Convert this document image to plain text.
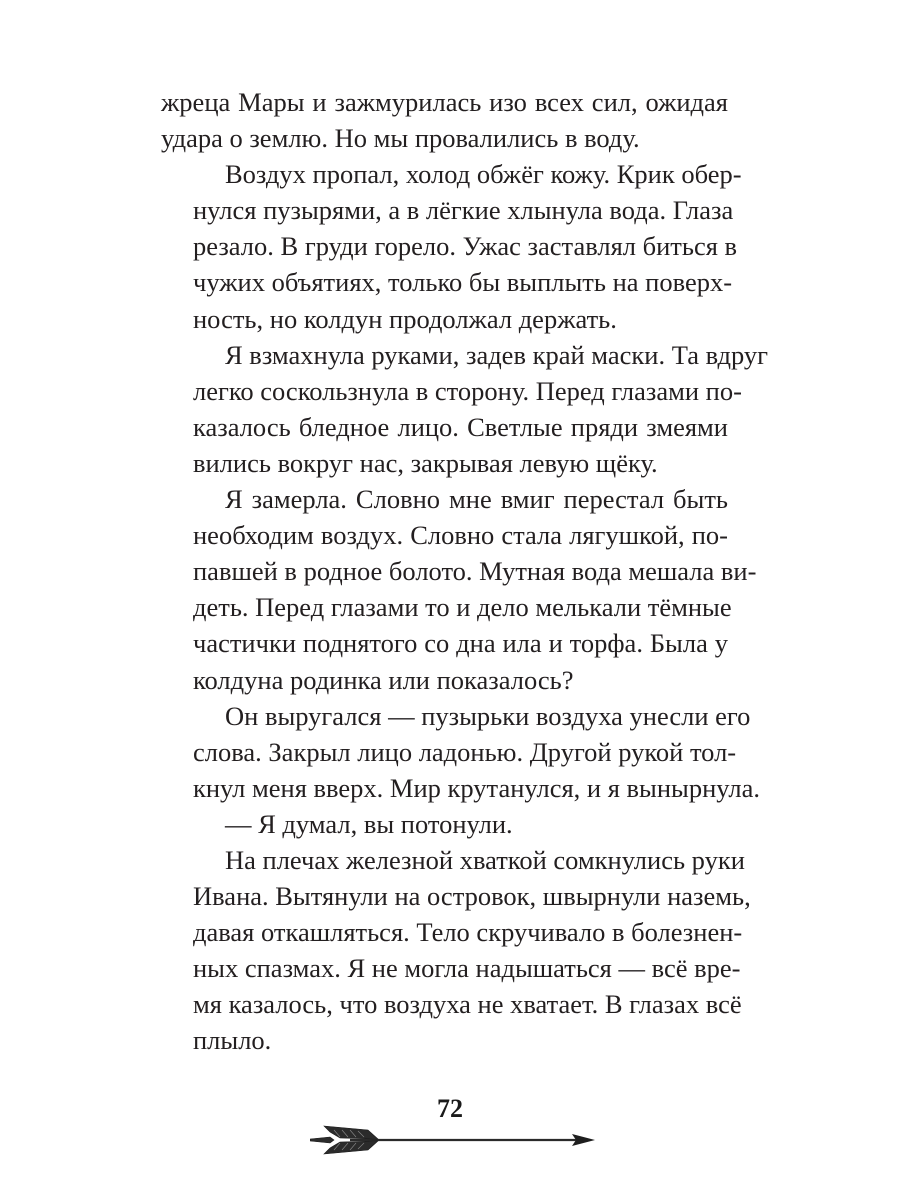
жреца Мары и зажмурилась изо всех сил, ожидая
удара о землю. Но мы провалились в воду.
Воздух пропал, холод обжёг кожу. Крик обер-
нулся пузырями, а в лёгкие хлынула вода. Глаза
резало. В груди горело. Ужас заставлял биться в
чужих объятиях, только бы выплыть на поверх-
ность, но колдун продолжал держать.
Я взмахнула руками, задев край маски. Та вдруг
легко соскользнула в сторону. Перед глазами по-
казалось бледное лицо. Светлые пряди змеями
вились вокруг нас, закрывая левую щёку.
Я замерла. Словно мне вмиг перестал быть
необходим воздух. Словно стала лягушкой, по-
павшей в родное болото. Мутная вода мешала ви-
деть. Перед глазами то и дело мелькали тёмные
частички поднятого со дна ила и торфа. Была у
колдуна родинка или показалось?
Он выругался — пузырьки воздуха унесли его
слова. Закрыл лицо ладонью. Другой рукой тол-
кнул меня вверх. Мир крутанулся, и я вынырнула.
— Я думал, вы потонули.
На плечах железной хваткой сомкнулись руки
Ивана. Вытянули на островок, швырнули наземь,
давая откашляться. Тело скручивало в болезнен-
ных спазмах. Я не могла надышаться — всё вре-
мя казалось, что воздуха не хватает. В глазах всё
плыло.
72
